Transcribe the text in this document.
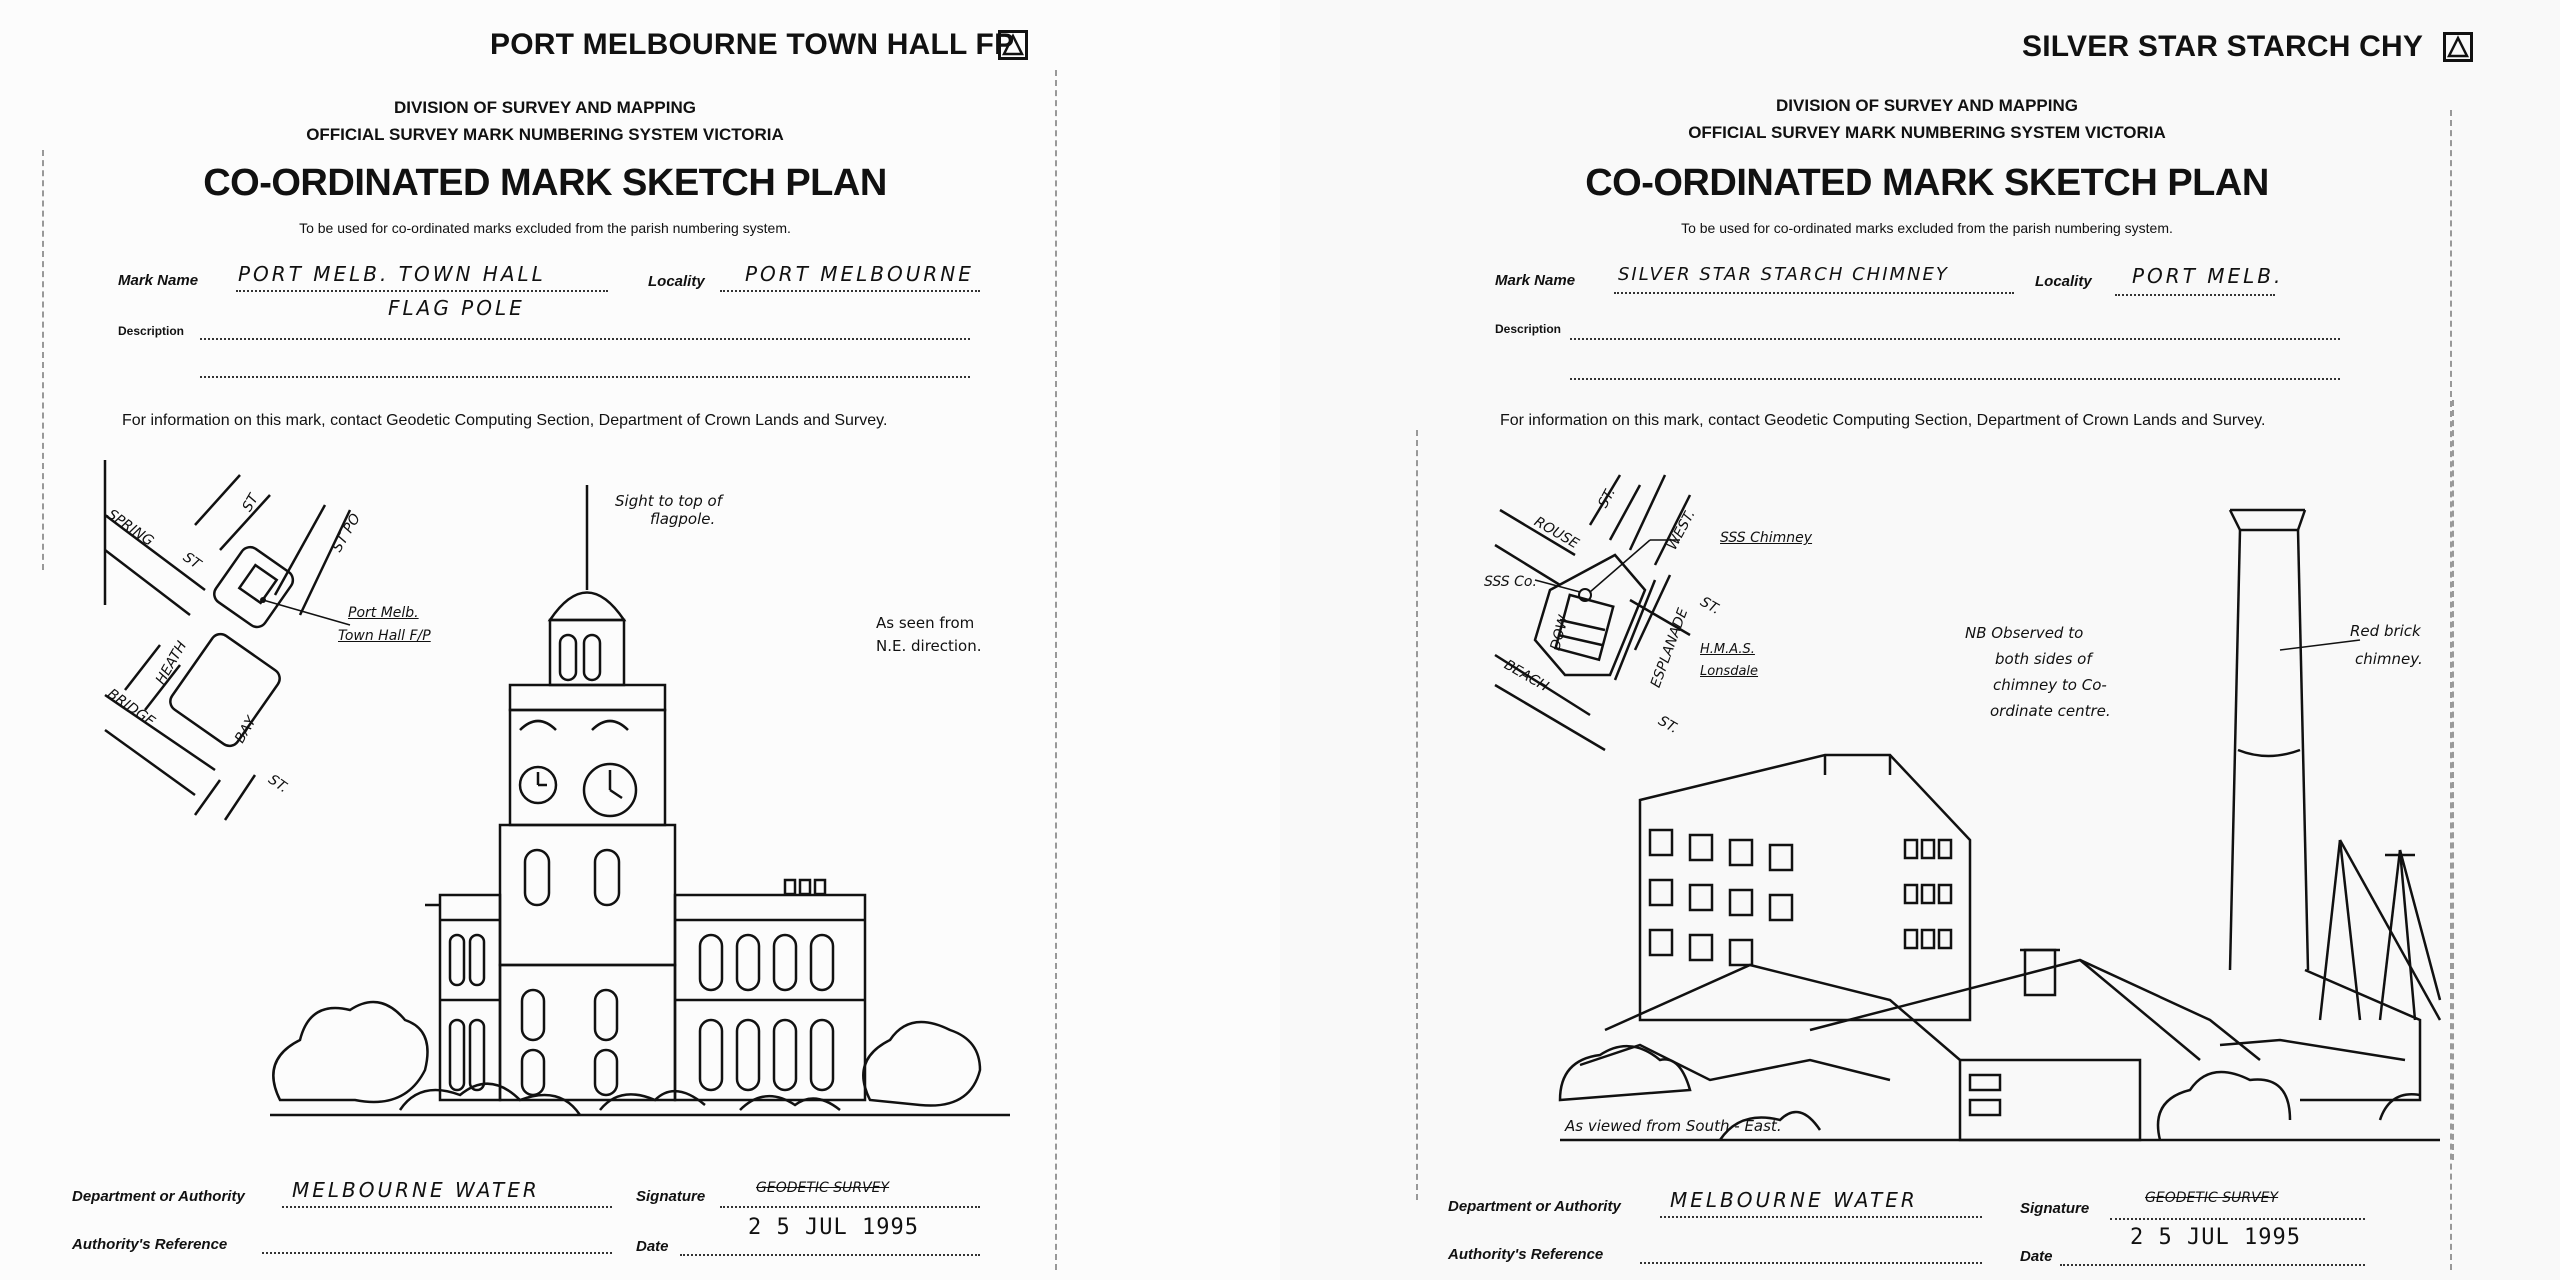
PORT MELBOURNE TOWN HALL FP
DIVISION OF SURVEY AND MAPPING
OFFICIAL SURVEY MARK NUMBERING SYSTEM VICTORIA
CO-ORDINATED MARK SKETCH PLAN
To be used for co-ordinated marks excluded from the parish numbering system.
Mark Name PORT MELB. TOWN HALL	Locality PORT MELBOURNE
FLAG POLE
Description
For information on this mark, contact Geodetic Computing Section, Department of Crown Lands and Survey.
SPRING
ST
ST
ST PO
HEATH
BRIDGE	BAY
ST.
Port Melb.
Town Hall F/P
Sight to top of
flagpole.
As seen from
N.E. direction.
Department or Authority MELBOURNE WATER	Signature	GEODETIC SURVEY
Authority's Reference	Date
2 5 JUL 1995
SILVER STAR STARCH CHY
DIVISION OF SURVEY AND MAPPING
OFFICIAL SURVEY MARK NUMBERING SYSTEM VICTORIA
CO-ORDINATED MARK SKETCH PLAN
To be used for co-ordinated marks excluded from the parish numbering system.
Mark Name SILVER STAR STARCH CHIMNEY	Locality PORT MELB.
Description
For information on this mark, contact Geodetic Computing Section, Department of Crown Lands and Survey.
ROUSE
ST.
WEST.
SSS Co.
DOW
ST.
ESPLANADE
BEACH
ST.
SSS Chimney
H.M.A.S.
Lonsdale
NB Observed to
both sides of
chimney to Co-
ordinate centre.
Red brick
chimney.
As viewed from South - East.
Department or Authority MELBOURNE WATER	Signature
GEODETIC SURVEY
Authority's Reference	Date
2 5 JUL 1995
